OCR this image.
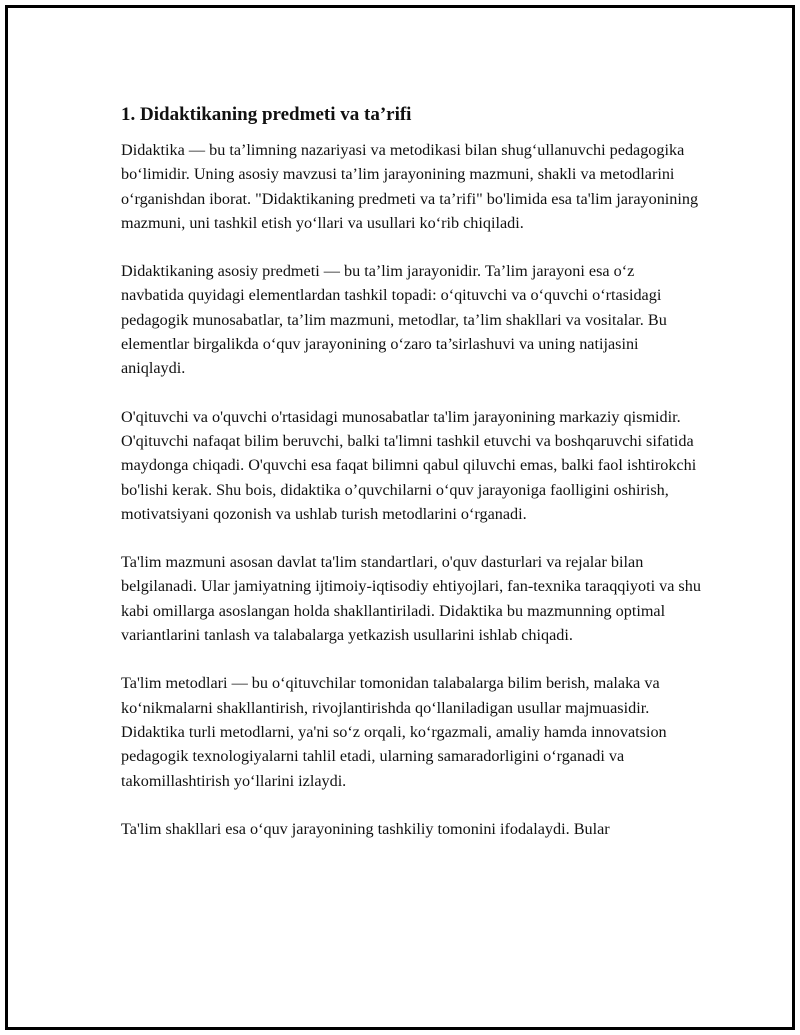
1. Didaktikaning predmeti va ta’rifi

Didaktika — bu ta’limning nazariyasi va metodikasi bilan shug‘ullanuvchi pedagogika bo‘limidir. Uning asosiy mavzusi ta’lim jarayonining mazmuni, shakli va metodlarini o‘rganishdan iborat. "Didaktikaning predmeti va ta’rifi" bo'limida esa ta'lim jarayonining mazmuni, uni tashkil etish yo‘llari va usullari ko‘rib chiqiladi.

Didaktikaning asosiy predmeti — bu ta’lim jarayonidir. Ta’lim jarayoni esa o‘z navbatida quyidagi elementlardan tashkil topadi: o‘qituvchi va o‘quvchi o‘rtasidagi pedagogik munosabatlar, ta’lim mazmuni, metodlar, ta’lim shakllari va vositalar. Bu elementlar birgalikda o‘quv jarayonining o‘zaro ta’sirlashuvi va uning natijasini aniqlaydi.

O'qituvchi va o'quvchi o'rtasidagi munosabatlar ta'lim jarayonining markaziy qismidir. O'qituvchi nafaqat bilim beruvchi, balki ta'limni tashkil etuvchi va boshqaruvchi sifatida maydonga chiqadi. O'quvchi esa faqat bilimni qabul qiluvchi emas, balki faol ishtirokchi bo'lishi kerak. Shu bois, didaktika o’quvchilarni o‘quv jarayoniga faolligini oshirish, motivatsiyani qozonish va ushlab turish metodlarini o‘rganadi.

Ta'lim mazmuni asosan davlat ta'lim standartlari, o'quv dasturlari va rejalar bilan belgilanadi. Ular jamiyatning ijtimoiy-iqtisodiy ehtiyojlari, fan-texnika taraqqiyoti va shu kabi omillarga asoslangan holda shakllantiriladi. Didaktika bu mazmunning optimal variantlarini tanlash va talabalarga yetkazish usullarini ishlab chiqadi.

Ta'lim metodlari — bu o‘qituvchilar tomonidan talabalarga bilim berish, malaka va ko‘nikmalarni shakllantirish, rivojlantirishda qo‘llaniladigan usullar majmuasidir. Didaktika turli metodlarni, ya'ni so‘z orqali, ko‘rgazmali, amaliy hamda innovatsion pedagogik texnologiyalarni tahlil etadi, ularning samaradorligini o‘rganadi va takomillashtirish yo‘llarini izlaydi.

Ta'lim shakllari esa o‘quv jarayonining tashkiliy tomonini ifodalaydi. Bular
